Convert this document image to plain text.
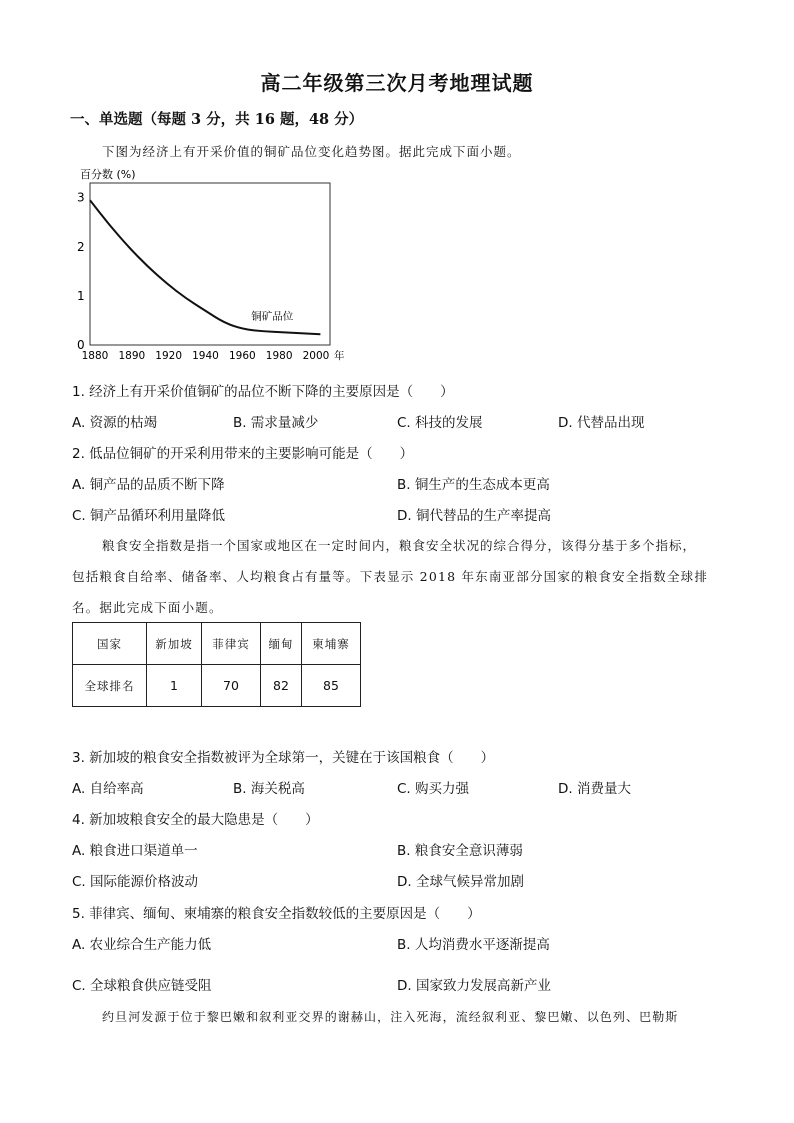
高二年级第三次月考地理试题
一、单选题（每题 3 分，共 16 题，48 分）
下图为经济上有开采价值的铜矿品位变化趋势图。据此完成下面小题。
百分数 (%)
0
1
2
3
1880 1890 1920 1940 1960 1980 2000
铜矿品位
年
1. 经济上有开采价值铜矿的品位不断下降的主要原因是（　　）
A. 资源的枯竭	B. 需求量减少	C. 科技的发展	D. 代替品出现
2. 低品位铜矿的开采利用带来的主要影响可能是（　　）
A. 铜产品的品质不断下降	B. 铜生产的生态成本更高
C. 铜产品循环利用量降低	D. 铜代替品的生产率提高
粮食安全指数是指一个国家或地区在一定时间内，粮食安全状况的综合得分，该得分基于多个指标，
包括粮食自给率、储备率、人均粮食占有量等。下表显示 2018 年东南亚部分国家的粮食安全指数全球排
名。据此完成下面小题。
国家	新加坡	菲律宾	缅甸	柬埔寨
全球排名	1	70	82	85
3. 新加坡的粮食安全指数被评为全球第一，关键在于该国粮食（　　）
A. 自给率高	B. 海关税高	C. 购买力强	D. 消费量大
4. 新加坡粮食安全的最大隐患是（　　）
A. 粮食进口渠道单一	B. 粮食安全意识薄弱
C. 国际能源价格波动	D. 全球气候异常加剧
5. 菲律宾、缅甸、柬埔寨的粮食安全指数较低的主要原因是（　　）
A. 农业综合生产能力低	B. 人均消费水平逐渐提高
C. 全球粮食供应链受阻	D. 国家致力发展高新产业
约旦河发源于位于黎巴嫩和叙利亚交界的谢赫山，注入死海，流经叙利亚、黎巴嫩、以色列、巴勒斯
